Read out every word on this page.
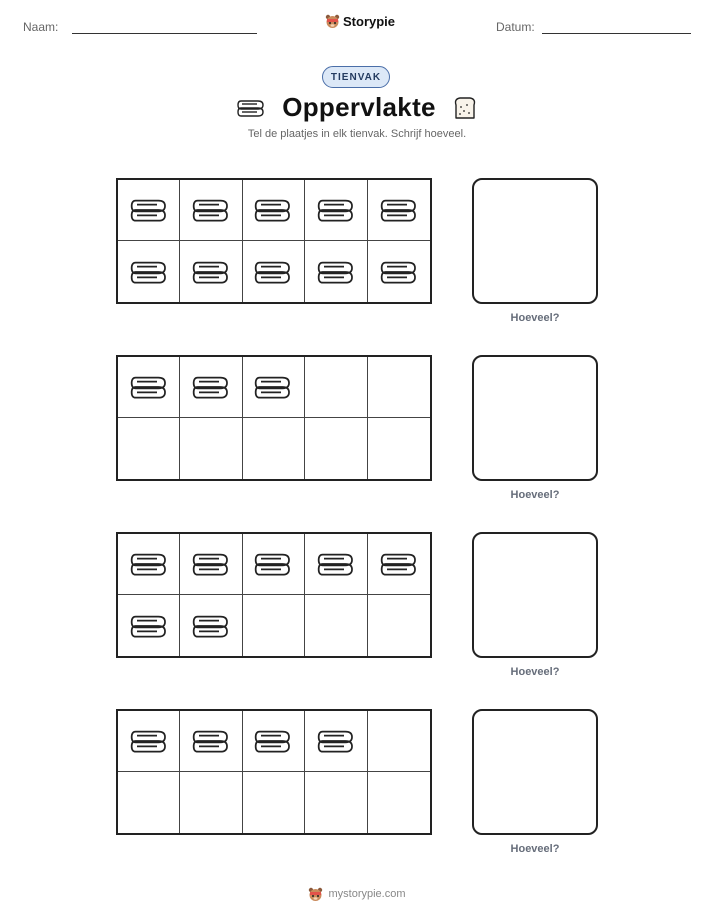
Naam:	Storypie	Datum:
TIENVAK
Oppervlakte
Tel de plaatjes in elk tienvak. Schrijf hoeveel.
Hoeveel?
Hoeveel?
Hoeveel?
Hoeveel?
mystorypie.com
